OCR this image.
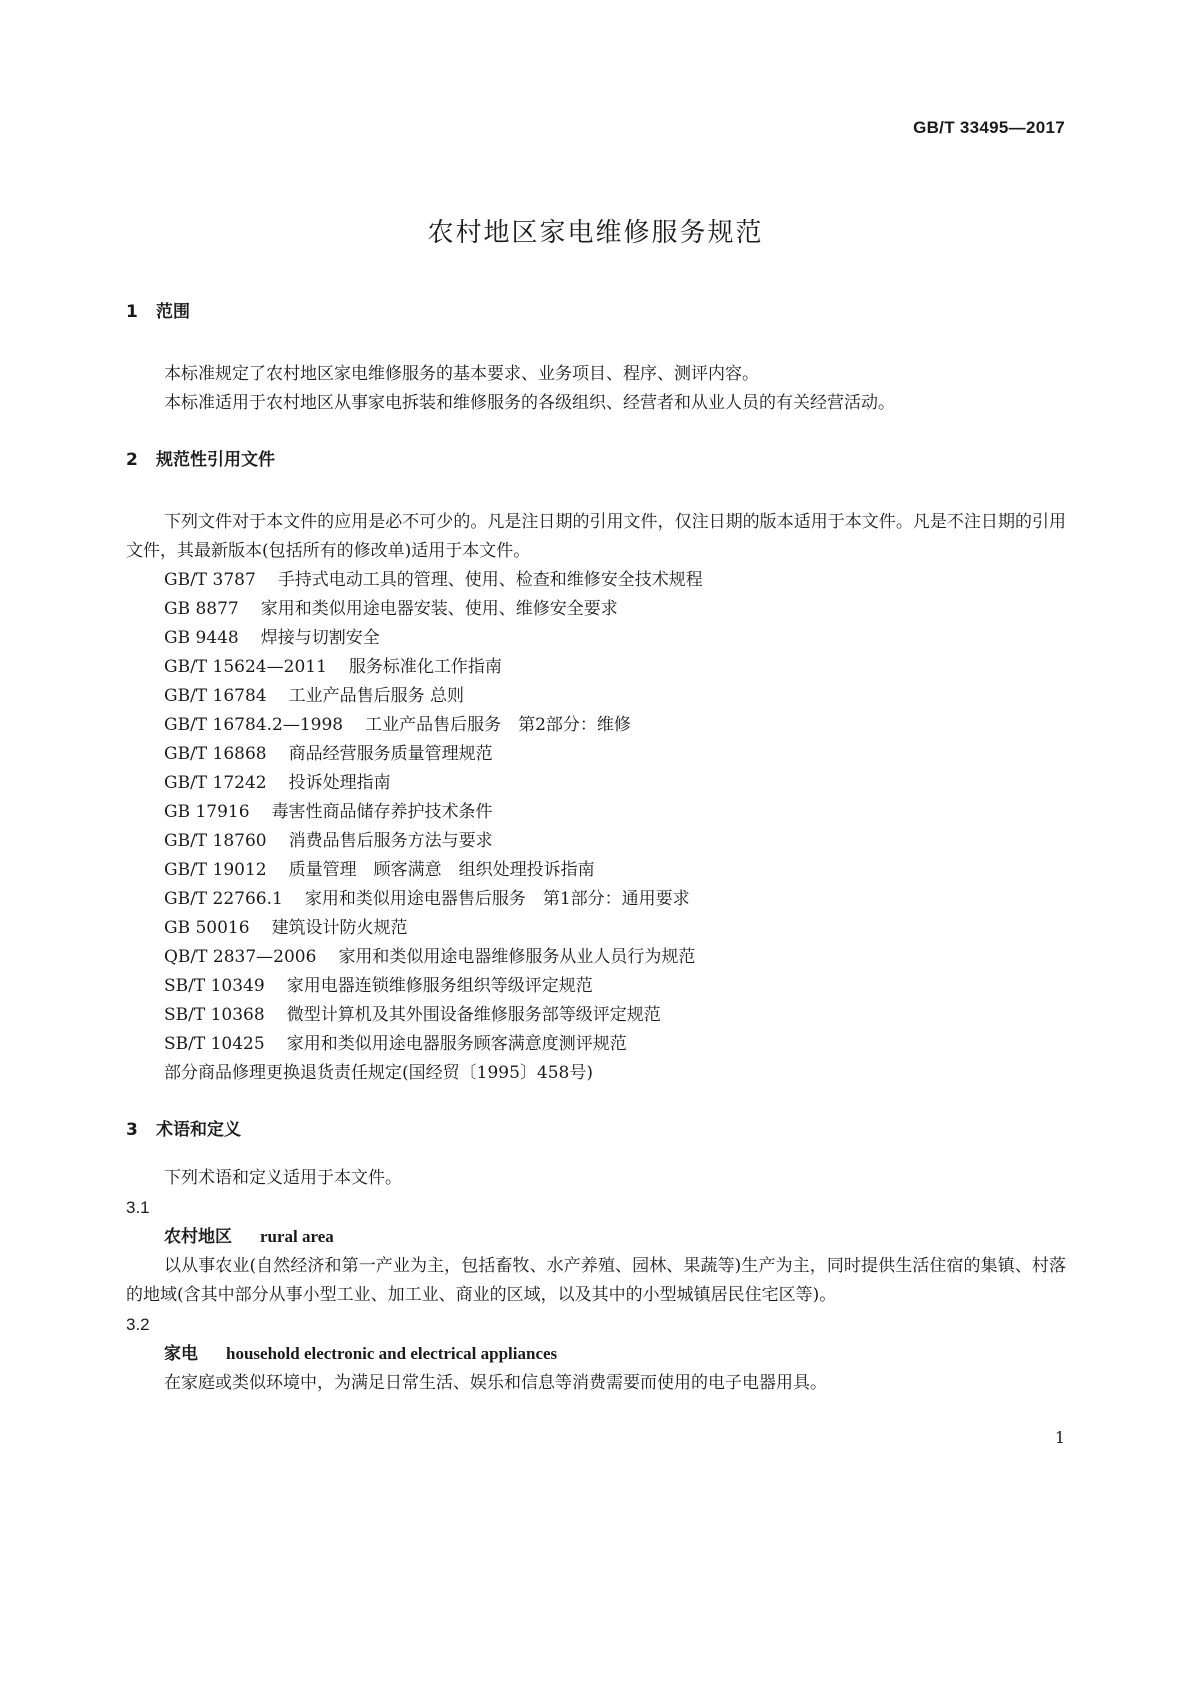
GB/T 33495—2017
农村地区家电维修服务规范
1 范围

本标准规定了农村地区家电维修服务的基本要求、业务项目、程序、测评内容。

本标准适用于农村地区从事家电拆装和维修服务的各级组织、经营者和从业人员的有关经营活动。

2 规范性引用文件

下列文件对于本文件的应用是必不可少的。凡是注日期的引用文件，仅注日期的版本适用于本文件。凡是不注日期的引用文件，其最新版本(包括所有的修改单)适用于本文件。

GB/T 3787 手持式电动工具的管理、使用、检查和维修安全技术规程
GB 8877 家用和类似用途电器安装、使用、维修安全要求
GB 9448 焊接与切割安全
GB/T 15624—2011 服务标准化工作指南
GB/T 16784 工业产品售后服务 总则
GB/T 16784.2—1998 工业产品售后服务　第2部分：维修
GB/T 16868 商品经营服务质量管理规范
GB/T 17242 投诉处理指南
GB 17916 毒害性商品储存养护技术条件
GB/T 18760 消费品售后服务方法与要求
GB/T 19012 质量管理　顾客满意　组织处理投诉指南
GB/T 22766.1 家用和类似用途电器售后服务　第1部分：通用要求
GB 50016 建筑设计防火规范
QB/T 2837—2006 家用和类似用途电器维修服务从业人员行为规范
SB/T 10349 家用电器连锁维修服务组织等级评定规范
SB/T 10368 微型计算机及其外围设备维修服务部等级评定规范
SB/T 10425 家用和类似用途电器服务顾客满意度测评规范
部分商品修理更换退货责任规定(国经贸〔1995〕458号)
3 术语和定义

下列术语和定义适用于本文件。

3.1
农村地区 rural area

以从事农业(自然经济和第一产业为主，包括畜牧、水产养殖、园林、果蔬等)生产为主，同时提供生活住宿的集镇、村落的地域(含其中部分从事小型工业、加工业、商业的区域，以及其中的小型城镇居民住宅区等)。

3.2
家电 household electronic and electrical appliances

在家庭或类似环境中，为满足日常生活、娱乐和信息等消费需要而使用的电子电器用具。

1
